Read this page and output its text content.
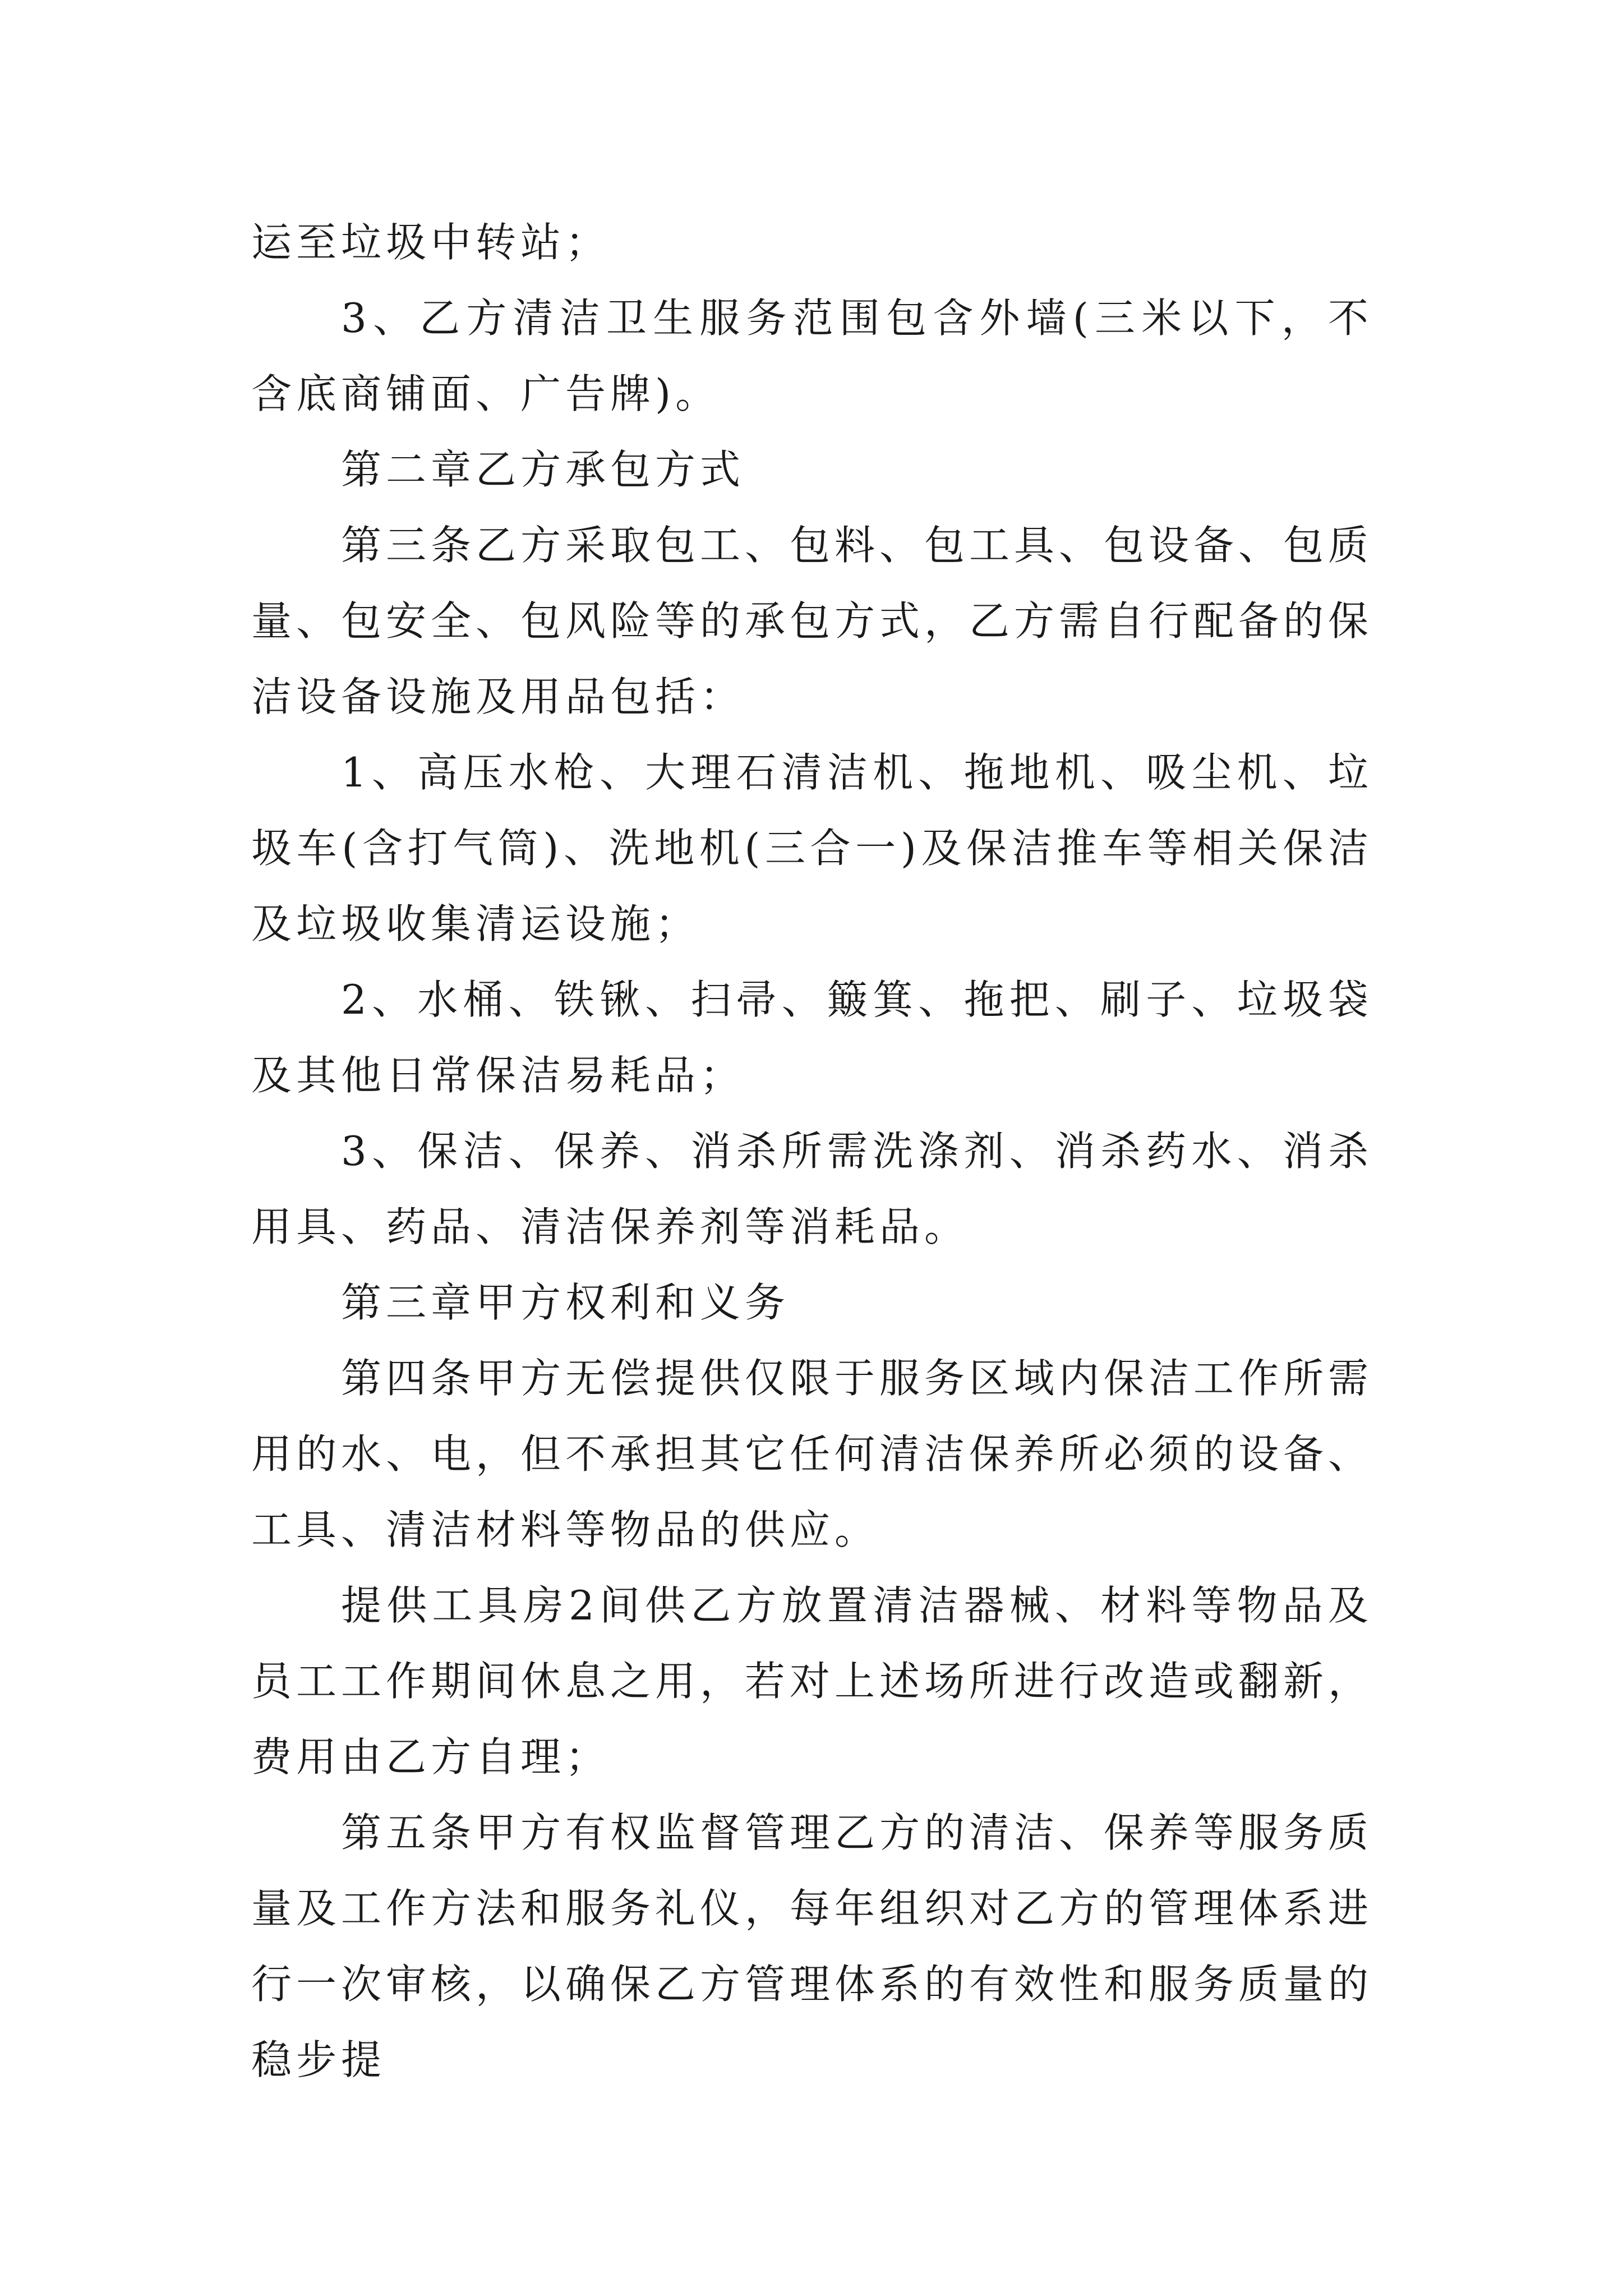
运至垃圾中转站；

3、乙方清洁卫生服务范围包含外墙(三米以下，不含底商铺面、广告牌)。

第二章乙方承包方式

第三条乙方采取包工、包料、包工具、包设备、包质量、包安全、包风险等的承包方式，乙方需自行配备的保洁设备设施及用品包括：

1、高压水枪、大理石清洁机、拖地机、吸尘机、垃圾车(含打气筒)、洗地机(三合一)及保洁推车等相关保洁及垃圾收集清运设施；

2、水桶、铁锹、扫帚、簸箕、拖把、刷子、垃圾袋及其他日常保洁易耗品；

3、保洁、保养、消杀所需洗涤剂、消杀药水、消杀用具、药品、清洁保养剂等消耗品。

第三章甲方权利和义务

第四条甲方无偿提供仅限于服务区域内保洁工作所需用的水、电，但不承担其它任何清洁保养所必须的设备、工具、清洁材料等物品的供应。

提供工具房2间供乙方放置清洁器械、材料等物品及员工工作期间休息之用，若对上述场所进行改造或翻新，费用由乙方自理；

第五条甲方有权监督管理乙方的清洁、保养等服务质量及工作方法和服务礼仪，每年组织对乙方的管理体系进行一次审核，以确保乙方管理体系的有效性和服务质量的稳步提
